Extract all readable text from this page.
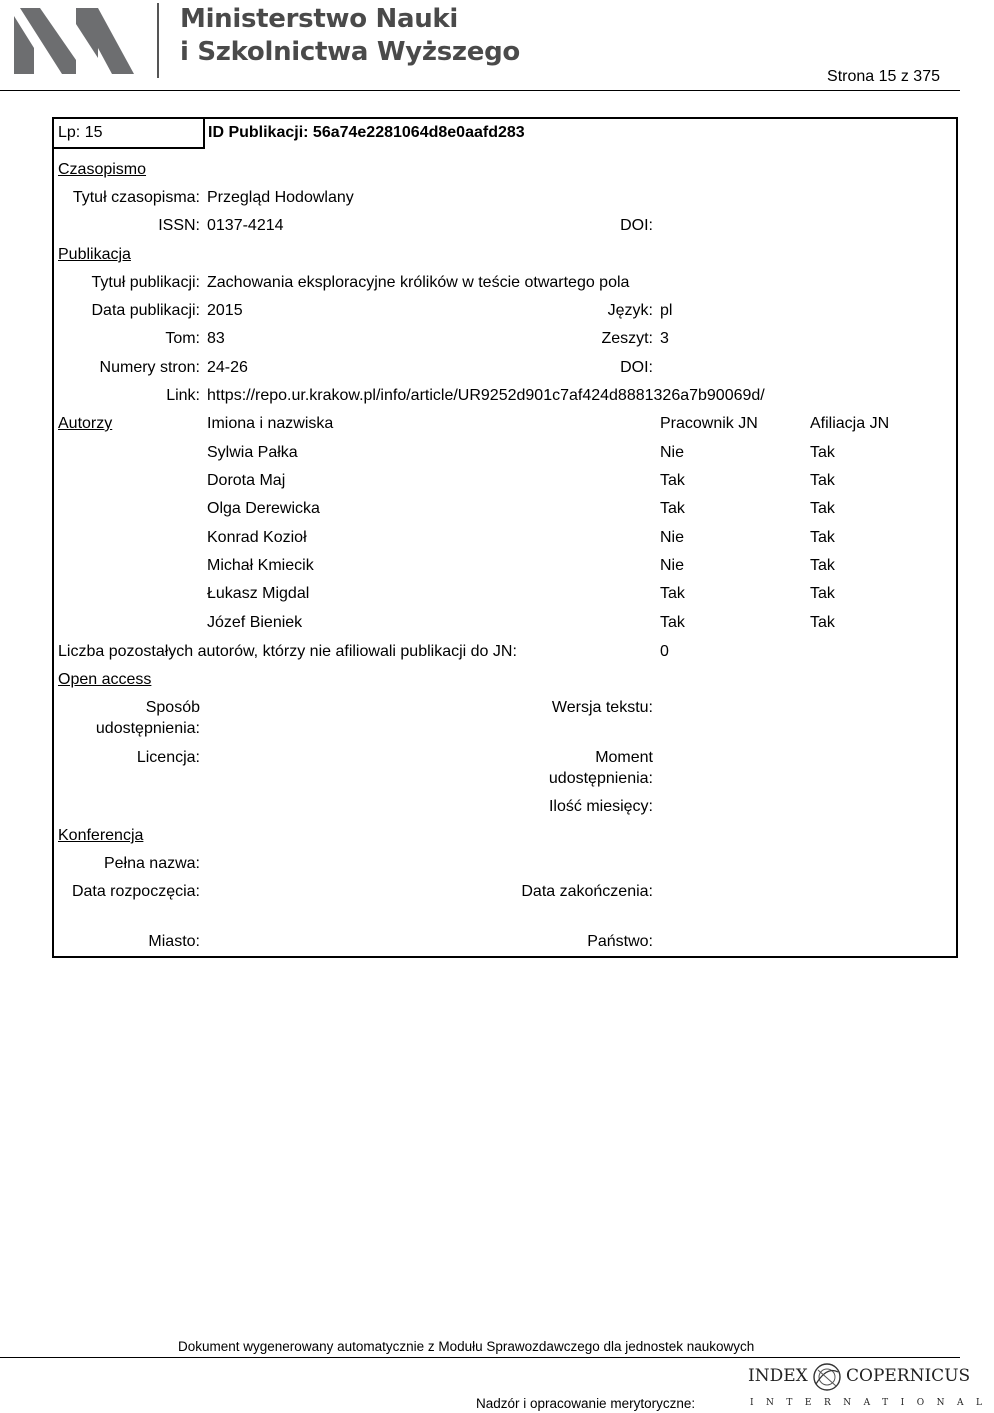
Ministerstwo Nauki
i Szkolnictwa Wyższego
Strona 15 z 375
Lp: 15	ID Publikacji: 56a74e2281064d8e0aafd283
Czasopismo
Tytuł czasopisma: Przegląd Hodowlany
ISSN: 0137-4214	DOI:
Publikacja
Tytuł publikacji: Zachowania eksploracyjne królików w teście otwartego pola
Data publikacji: 2015	Język: pl
Tom: 83	Zeszyt: 3
Numery stron: 24-26	DOI:
Link: https://repo.ur.krakow.pl/info/article/UR9252d901c7af424d8881326a7b90069d/
Autorzy	Imiona i nazwiska	Pracownik JN	Afiliacja JN
Sylwia Pałka	Nie	Tak
Dorota Maj	Tak	Tak
Olga Derewicka	Tak	Tak
Konrad Kozioł	Nie	Tak
Michał Kmiecik	Nie	Tak
Łukasz Migdal	Tak	Tak
Józef Bieniek	Tak	Tak
Liczba pozostałych autorów, którzy nie afiliowali publikacji do JN:	0
Open access
Sposób udostępnienia:
Wersja tekstu:
Licencja:	Moment udostępnienia:
Ilość miesięcy:
Konferencja
Pełna nazwa:
Data rozpoczęcia:	Data zakończenia:
Miasto:	Państwo:
Dokument wygenerowany automatycznie z Modułu Sprawozdawczego dla jednostek naukowych
Nadzór i opracowanie merytoryczne:
INDEX COPERNICUS
INTERNATIONAL
